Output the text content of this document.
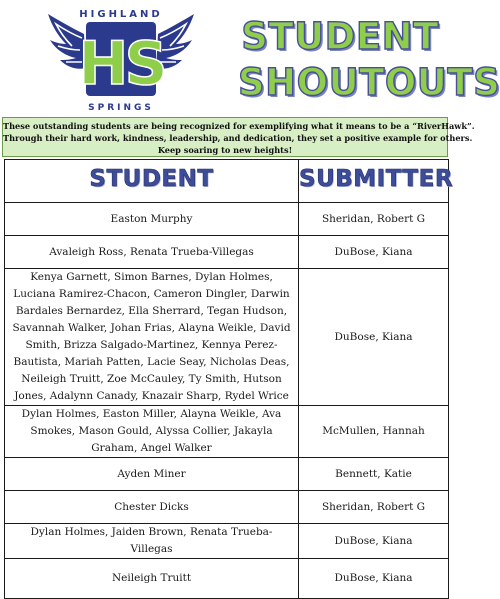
HIGHLAND
HS
SPRINGS
STUDENT
SHOUTOUTS
These outstanding students are being recognized for exemplifying what it means to be a “RiverHawk”.
Through their hard work, kindness, leadership, and dedication, they set a positive example for others.
Keep soaring to new heights!
STUDENT	SUBMITTER
Easton Murphy	Sheridan, Robert G
Avaleigh Ross, Renata Trueba-Villegas	DuBose, Kiana
Kenya Garnett, Simon Barnes, Dylan Holmes, Luciana Ramirez-Chacon, Cameron Dingler, Darwin Bardales Bernardez, Ella Sherrard, Tegan Hudson, Savannah Walker, Johan Frias, Alayna Weikle, David Smith, Brizza Salgado-Martinez, Kennya Perez-Bautista, Mariah Patten, Lacie Seay, Nicholas Deas, Neileigh Truitt, Zoe McCauley, Ty Smith, Hutson Jones, Adalynn Canady, Knazair Sharp, Rydel Wrice	DuBose, Kiana
Dylan Holmes, Easton Miller, Alayna Weikle, Ava Smokes, Mason Gould, Alyssa Collier, Jakayla Graham, Angel Walker	McMullen, Hannah
Ayden Miner	Bennett, Katie
Chester Dicks	Sheridan, Robert G
Dylan Holmes, Jaiden Brown, Renata Trueba-Villegas	DuBose, Kiana
Neileigh Truitt	DuBose, Kiana
